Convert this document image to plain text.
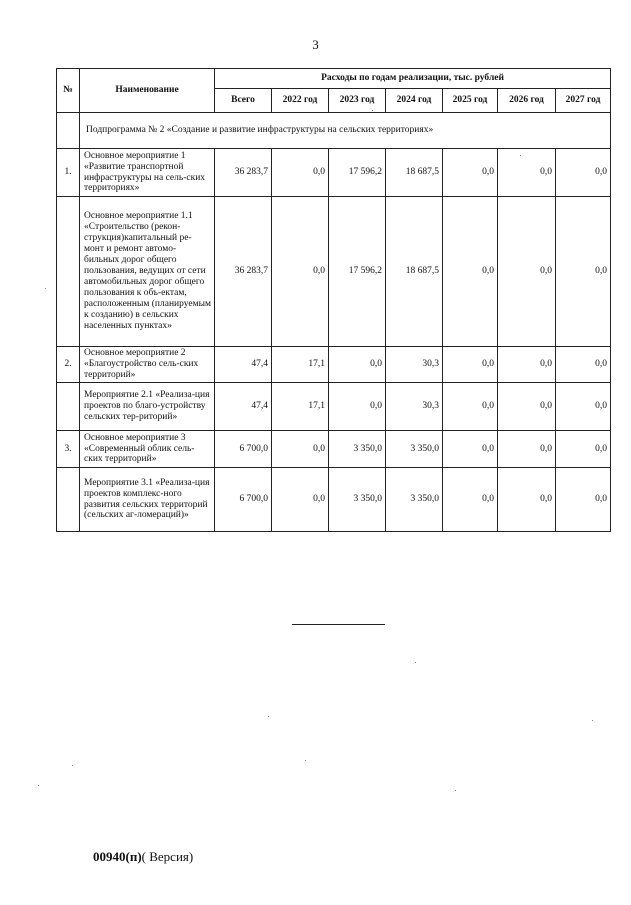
3
№	Наименование	Расходы по годам реализации, тыс. рублей						
		Всего	2022 год	2023 год	2024 год	2025 год	2026 год	2027 год
	Подпрограмма № 2 «Создание и развитие инфраструктуры на сельских территориях»							
1.	Основное мероприятие 1 «Развитие транспортной инфраструктуры на сель-ских территориях»	36 283,7	0,0	17 596,2	18 687,5	0,0	0,0	0,0
	Основное мероприятие 1.1 «Строительство (рекон-струкция)капитальный ре-монт и ремонт автомо-бильных дорог общего пользования, ведущих от сети автомобильных дорог общего пользования к объ-ектам, расположенным (планируемым к созданию) в сельских населенных пунктах»	36 283,7	0,0	17 596,2	18 687,5	0,0	0,0	0,0
2.	Основное мероприятие 2 «Благоустройство сель-ских территорий»	47,4	17,1	0,0	30,3	0,0	0,0	0,0
	Мероприятие 2.1 «Реализа-ция проектов по благо-устройству сельских тер-риторий»	47,4	17,1	0,0	30,3	0,0	0,0	0,0
3.	Основное мероприятие 3 «Современный облик сель-ских территорий»	6 700,0	0,0	3 350,0	3 350,0	0,0	0,0	0,0
	Мероприятие 3.1 «Реализа-ция проектов комплекс-ного развития сельских территорий (сельских аг-ломераций)»	6 700,0	0,0	3 350,0	3 350,0	0,0	0,0	0,0
00940(п)( Версия)
